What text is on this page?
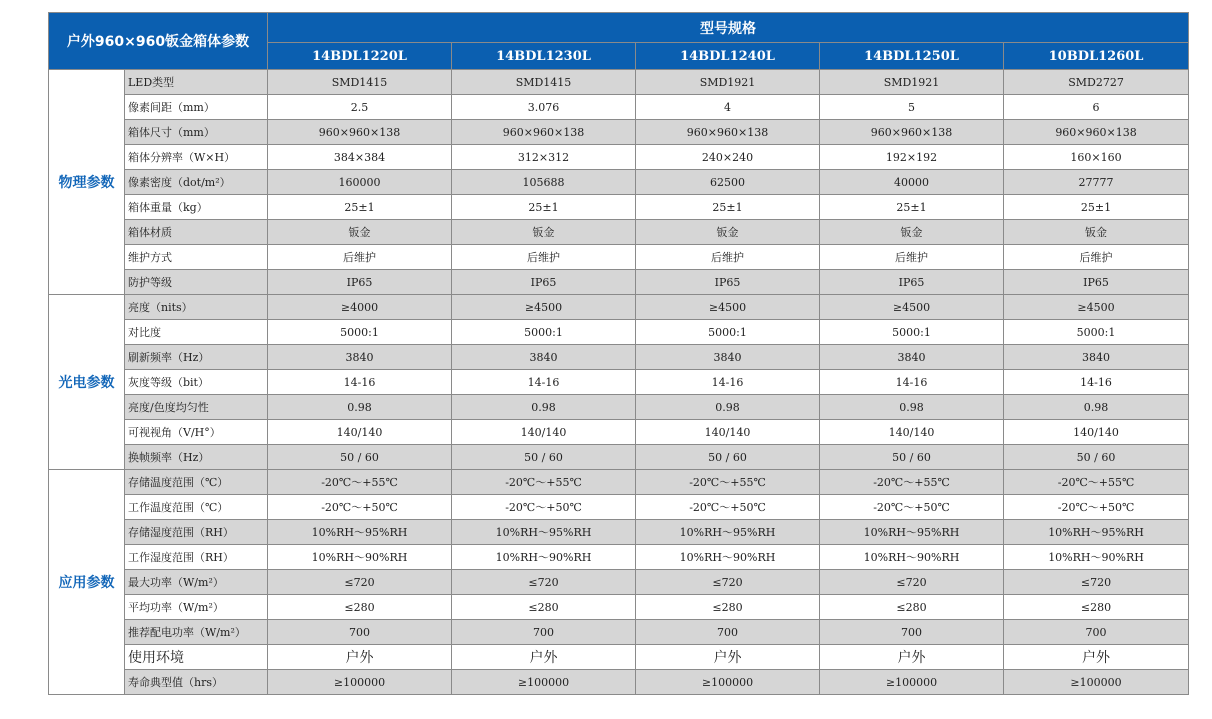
户外960×960钣金箱体参数		型号规格				
		14BDL1220L	14BDL1230L	14BDL1240L	14BDL1250L	10BDL1260L
物理参数	LED类型	SMD1415	SMD1415	SMD1921	SMD1921	SMD2727
	像素间距（mm）	2.5	3.076	4	5	6
	箱体尺寸（mm）	960×960×138	960×960×138	960×960×138	960×960×138	960×960×138
	箱体分辨率（W×H）	384×384	312×312	240×240	192×192	160×160
	像素密度（dot/m²）	160000	105688	62500	40000	27777
	箱体重量（kg）	25±1	25±1	25±1	25±1	25±1
	箱体材质	钣金	钣金	钣金	钣金	钣金
	维护方式	后维护	后维护	后维护	后维护	后维护
	防护等级	IP65	IP65	IP65	IP65	IP65
光电参数	亮度（nits）	≥4000	≥4500	≥4500	≥4500	≥4500
	对比度	5000:1	5000:1	5000:1	5000:1	5000:1
	刷新频率（Hz）	3840	3840	3840	3840	3840
	灰度等级（bit）	14-16	14-16	14-16	14-16	14-16
	亮度/色度均匀性	0.98	0.98	0.98	0.98	0.98
	可视视角（V/H°）	140/140	140/140	140/140	140/140	140/140
	换帧频率（Hz）	50 / 60	50 / 60	50 / 60	50 / 60	50 / 60
应用参数	存储温度范围（℃）	-20℃～+55℃	-20℃～+55℃	-20℃～+55℃	-20℃～+55℃	-20℃～+55℃
	工作温度范围（℃）	-20℃～+50℃	-20℃～+50℃	-20℃～+50℃	-20℃～+50℃	-20℃～+50℃
	存储湿度范围（RH）	10%RH～95%RH	10%RH～95%RH	10%RH～95%RH	10%RH～95%RH	10%RH～95%RH
	工作湿度范围（RH）	10%RH～90%RH	10%RH～90%RH	10%RH～90%RH	10%RH～90%RH	10%RH～90%RH
	最大功率（W/m²）	≤720	≤720	≤720	≤720	≤720
	平均功率（W/m²）	≤280	≤280	≤280	≤280	≤280
	推荐配电功率（W/m²）	700	700	700	700	700
	使用环境	户外	户外	户外	户外	户外
	寿命典型值（hrs）	≥100000	≥100000	≥100000	≥100000	≥100000
